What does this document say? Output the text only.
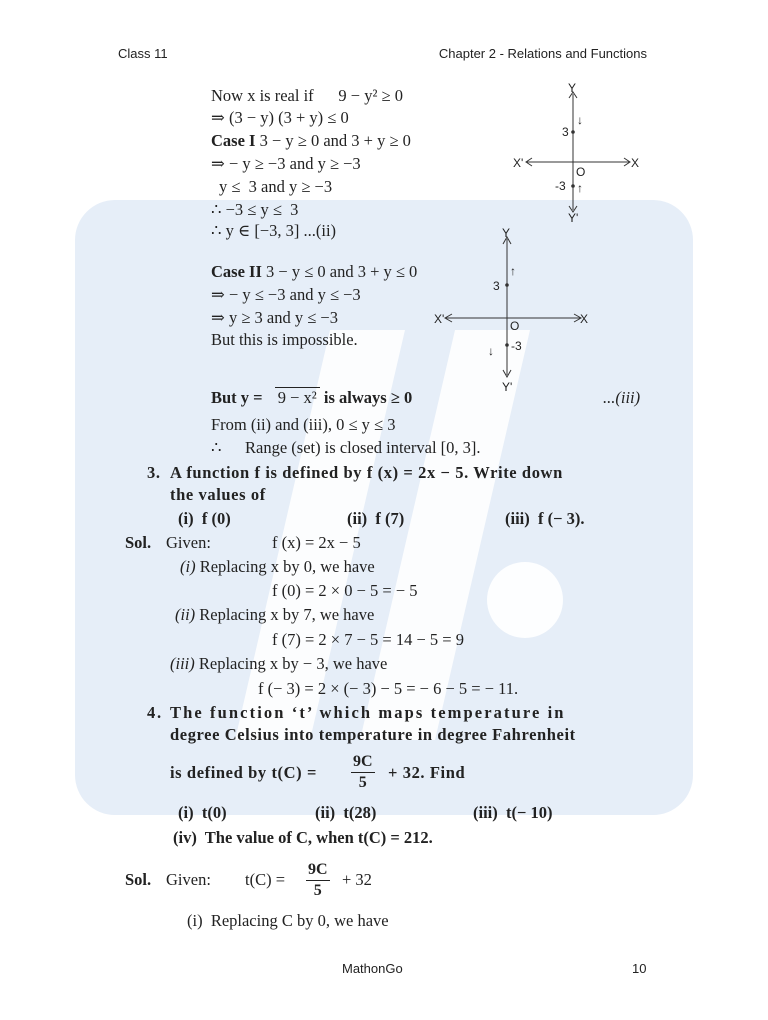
Class 11	Chapter 2 - Relations and Functions
Now x is real if      9 − y² ≥ 0
⇒ (3 − y) (3 + y) ≤ 0
Case I 3 − y ≥ 0 and 3 + y ≥ 0
⇒ − y ≥ −3 and y ≥ −3
y ≤  3 and y ≥ −3
∴ −3 ≤ y ≤  3
∴ y ∈ [−3, 3] ...(ii)
Case II 3 − y ≤ 0 and 3 + y ≤ 0
⇒ − y ≤ −3 and y ≤ −3
⇒ y ≥ 3 and y ≤ −3
But this is impossible.
Y
Y'
X'	X
O
3
-3
↓
↑
Y
Y'
X'	X
O
3
-3
↑
↓
But y = 9 − x² is always ≥ 0	...(iii)
From (ii) and (iii), 0 ≤ y ≤ 3
∴ Range (set) is closed interval [0, 3].
3. A function f is defined by f (x) = 2x − 5. Write down
the values of
(i)  f (0)	(ii)  f (7)	(iii)  f (− 3).
Sol. Given:	f (x) = 2x − 5
(i) Replacing x by 0, we have
f (0) = 2 × 0 − 5 = − 5
(ii) Replacing x by 7, we have
f (7) = 2 × 7 − 5 = 14 − 5 = 9
(iii) Replacing x by − 3, we have
f (− 3) = 2 × (− 3) − 5 = − 6 − 5 = − 11.
4. The function ‘t’ which maps temperature in
degree Celsius into temperature in degree Fahrenheit
is defined by $t(C) = \frac{9C}{5} + 32$. Find
(i)  t(0)	(ii)  t(28)	(iii)  t(− 10)
(iv)  The value of C, when t(C) = 212.
Sol. Given: $t(C) = \frac{9C}{5} + 32$
(i)  Replacing C by 0, we have
MathonGo	10
